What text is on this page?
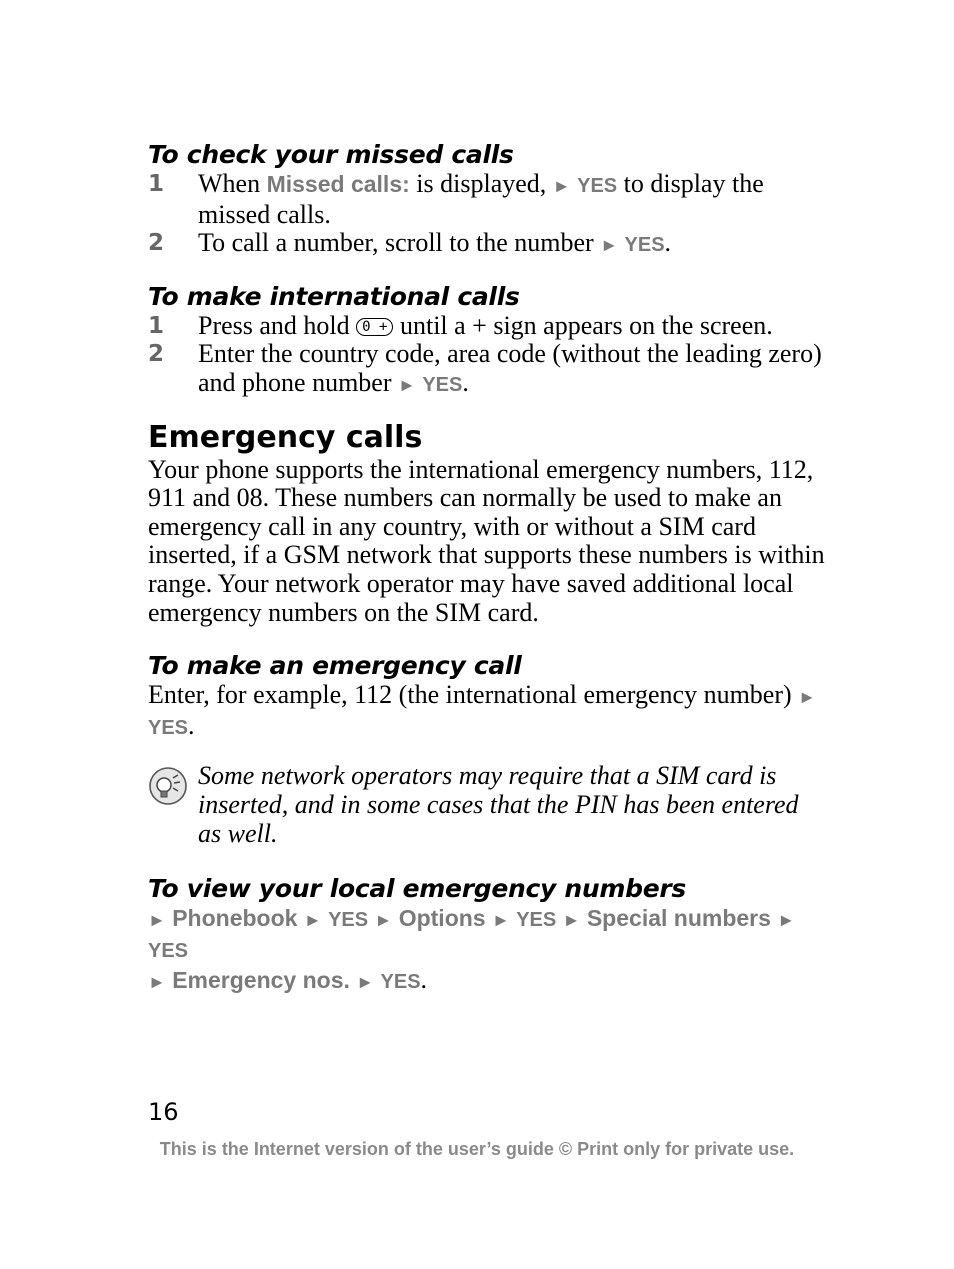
To check your missed calls
1	When Missed calls: is displayed, ► YES to display the missed calls.
2	To call a number, scroll to the number ► YES.
To make international calls
1	Press and hold 0 + until a + sign appears on the screen.
2	Enter the country code, area code (without the leading zero) and phone number ► YES.
Emergency calls

Your phone supports the international emergency numbers, 112, 911 and 08. These numbers can normally be used to make an emergency call in any country, with or without a SIM card inserted, if a GSM network that supports these numbers is within range. Your network operator may have saved additional local emergency numbers on the SIM card.

To make an emergency call

Enter, for example, 112 (the international emergency number) ► YES.

Some network operators may require that a SIM card is inserted, and in some cases that the PIN has been entered as well.
To view your local emergency numbers

► Phonebook ► YES ► Options ► YES ► Special numbers ► YES

► Emergency nos. ► YES.

16
This is the Internet version of the user’s guide © Print only for private use.
